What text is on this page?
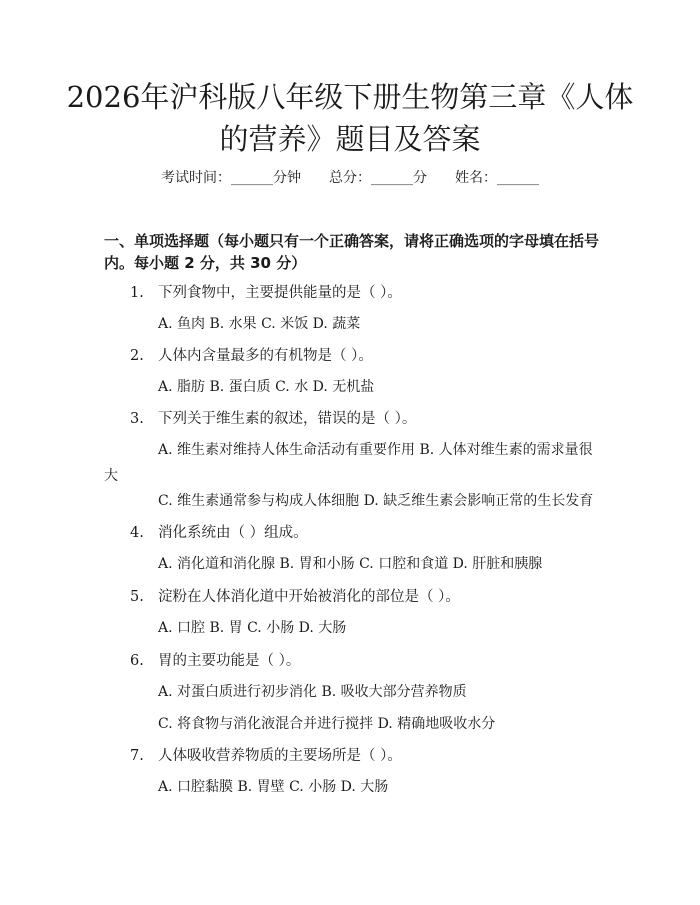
2026年沪科版八年级下册生物第三章《人体的营养》题目及答案
考试时间：______分钟　　总分：______分　　姓名：______
一、单项选择题（每小题只有一个正确答案，请将正确选项的字母填在括号内。每小题 2 分，共 30 分）
1. 下列食物中，主要提供能量的是（ ）。
A. 鱼肉 B. 水果 C. 米饭 D. 蔬菜
2. 人体内含量最多的有机物是（ ）。
A. 脂肪 B. 蛋白质 C. 水 D. 无机盐
3. 下列关于维生素的叙述，错误的是（ ）。
A. 维生素对维持人体生命活动有重要作用 B. 人体对维生素的需求量很大
C. 维生素通常参与构成人体细胞 D. 缺乏维生素会影响正常的生长发育
4. 消化系统由（ ）组成。
A. 消化道和消化腺 B. 胃和小肠 C. 口腔和食道 D. 肝脏和胰腺
5. 淀粉在人体消化道中开始被消化的部位是（ ）。
A. 口腔 B. 胃 C. 小肠 D. 大肠
6. 胃的主要功能是（ ）。
A. 对蛋白质进行初步消化 B. 吸收大部分营养物质
C. 将食物与消化液混合并进行搅拌 D. 精确地吸收水分
7. 人体吸收营养物质的主要场所是（ ）。
A. 口腔黏膜 B. 胃壁 C. 小肠 D. 大肠
